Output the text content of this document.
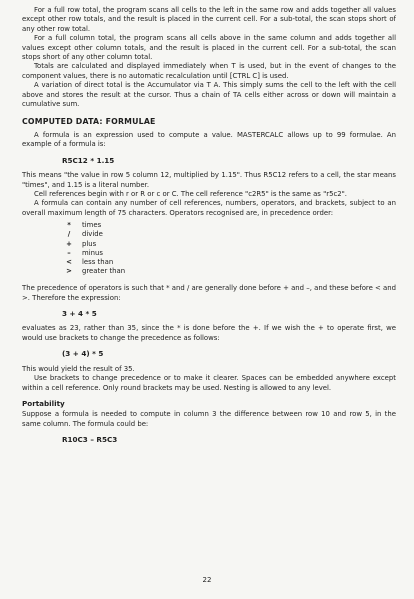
For a full row total, the program scans all cells to the left in the same row and adds together all values except other row totals, and the result is placed in the current cell. For a sub-total, the scan stops short of any other row total.

For a full column total, the program scans all cells above in the same column and adds together all values except other column totals, and the result is placed in the current cell. For a sub-total, the scan stops short of any other column total.

Totals are calculated and displayed immediately when T is used, but in the event of changes to the component values, there is no automatic recalculation until [CTRL C] is used.

A variation of direct total is the Accumulator via T A. This simply sums the cell to the left with the cell above and stores the result at the cursor. Thus a chain of TA cells either across or down will maintain a cumulative sum.

COMPUTED DATA: FORMULAE

A formula is an expression used to compute a value. MASTERCALC allows up to 99 formulae. An example of a formula is:

R5C12 * 1.15

This means "the value in row 5 column 12, multiplied by 1.15". Thus R5C12 refers to a cell, the star means "times", and 1.15 is a literal number.

Cell references begin with r or R or c or C. The cell reference "c2R5" is the same as "r5c2".

A formula can contain any number of cell references, numbers, operators, and brackets, subject to an overall maximum length of 75 characters. Operators recognised are, in precedence order:

*	times
/	divide
+	plus
–	minus
<	less than
>	greater than

The precedence of operators is such that * and / are generally done before + and –, and these before < and >. Therefore the expression:

3 + 4 * 5

evaluates as 23, rather than 35, since the * is done before the +. If we wish the + to operate first, we would use brackets to change the precedence as follows:

(3 + 4) * 5

This would yield the result of 35.

Use brackets to change precedence or to make it clearer. Spaces can be embedded anywhere except within a cell reference. Only round brackets may be used. Nesting is allowed to any level.

Portability

Suppose a formula is needed to compute in column 3 the difference between row 10 and row 5, in the same column. The formula could be:

R10C3 – R5C3
22
